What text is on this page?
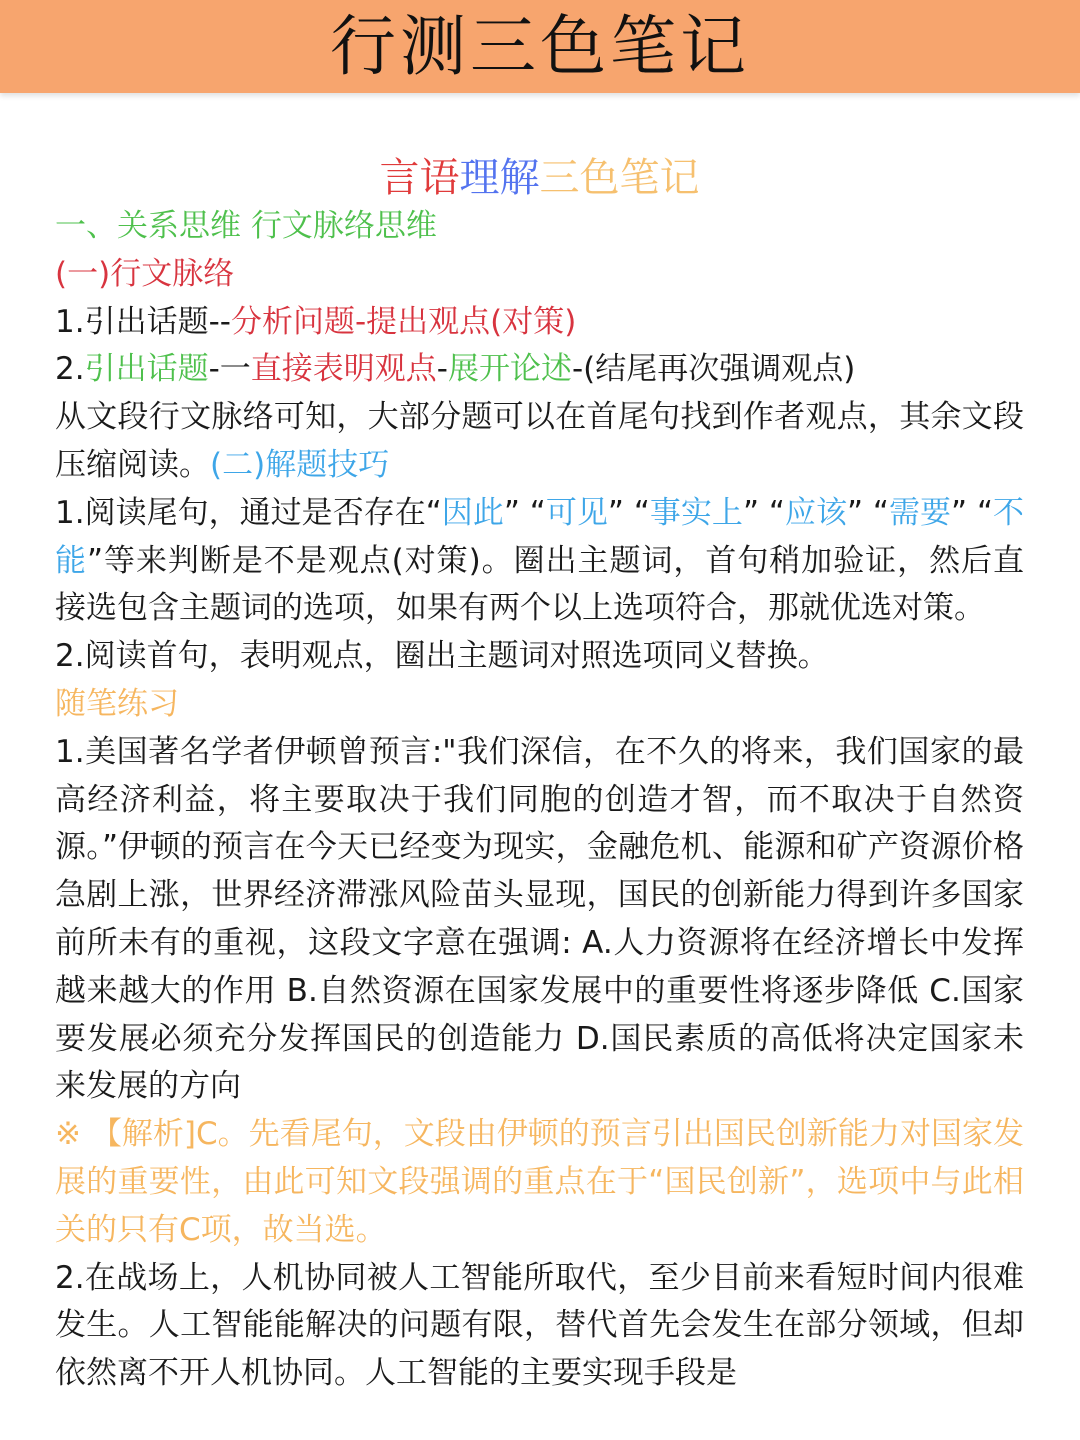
行测三色笔记
言语理解三色笔记
一、关系思维 行文脉络思维
(一)行文脉络
1.引出话题--分析问题-提出观点(对策)
2.引出话题-一直接表明观点-展开论述-(结尾再次强调观点)
从文段行文脉络可知，大部分题可以在首尾句找到作者观点，其余文段压缩阅读。(二)解题技巧
1.阅读尾句，通过是否存在“因此” “可见” “事实上” “应该” “需要” “不能”等来判断是不是观点(对策)。圈出主题词，首句稍加验证，然后直接选包含主题词的选项，如果有两个以上选项符合，那就优选对策。
2.阅读首句，表明观点，圈出主题词对照选项同义替换。
随笔练习
1.美国著名学者伊顿曾预言:"我们深信，在不久的将来，我们国家的最高经济利益，将主要取决于我们同胞的创造才智，而不取决于自然资源。”伊顿的预言在今天已经变为现实，金融危机、能源和矿产资源价格急剧上涨，世界经济滞涨风险苗头显现，国民的创新能力得到许多国家前所未有的重视，这段文字意在强调: A.人力资源将在经济增长中发挥越来越大的作用 B.自然资源在国家发展中的重要性将逐步降低 C.国家要发展必须充分发挥国民的创造能力 D.国民素质的高低将决定国家未来发展的方向
※ 【解析]C。先看尾句，文段由伊顿的预言引出国民创新能力对国家发展的重要性，由此可知文段强调的重点在于“国民创新”，选项中与此相关的只有C项，故当选。
2.在战场上，人机协同被人工智能所取代，至少目前来看短时间内很难发生。人工智能能解决的问题有限，替代首先会发生在部分领域，但却依然离不开人机协同。人工智能的主要实现手段是
